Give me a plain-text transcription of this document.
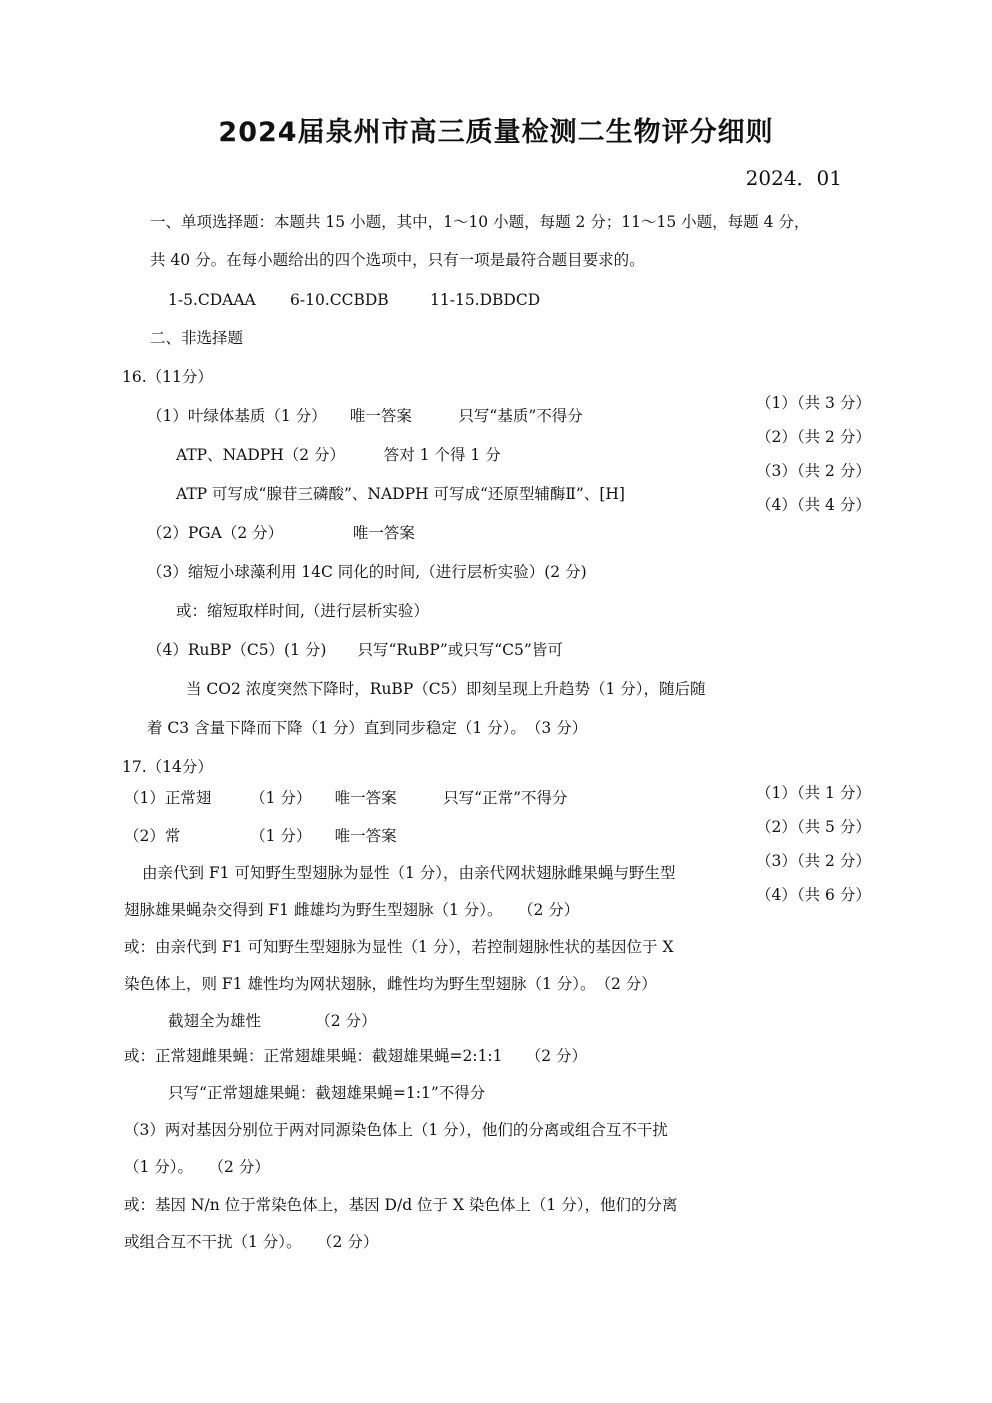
2024届泉州市高三质量检测二生物评分细则
2024．01
一、单项选择题：本题共 15 小题，其中，1～10 小题，每题 2 分；11～15 小题，每题 4 分，
共 40 分。在每小题给出的四个选项中，只有一项是最符合题目要求的。
1-5.CDAAA 6-10.CCBDB	11-15.DBDCD
二、非选择题
16.（11分）
（1）叶绿体基质（1 分）　　唯一答案　　　只写“基质”不得分
ATP、NADPH（2 分）　　　答对 1 个得 1 分
ATP 可写成“腺苷三磷酸”、NADPH 可写成“还原型辅酶Ⅱ”、[H]
（2）PGA（2 分）　　　　　唯一答案
（3）缩短小球藻利用 14C 同化的时间,（进行层析实验）(2 分)
或：缩短取样时间,（进行层析实验）
（4）RuBP（C5）(1 分)　　只写“RuBP”或只写“C5”皆可
当 CO2 浓度突然下降时，RuBP（C5）即刻呈现上升趋势（1 分），随后随
着 C3 含量下降而下降（1 分）直到同步稳定（1 分）。　（3 分）
（1）（共 3 分）
（2）（共 2 分）
（3）（共 2 分）
（4）（共 4 分）
17.（14分）
（1）正常翅　　　（1 分）　　唯一答案　　　只写“正常”不得分
（2）常　　　　　（1 分）　　唯一答案
由亲代到 F1 可知野生型翅脉为显性（1 分），由亲代网状翅脉雌果蝇与野生型
翅脉雄果蝇杂交得到 F1 雌雄均为野生型翅脉（1 分）。　　（2 分）
或：由亲代到 F1 可知野生型翅脉为显性（1 分），若控制翅脉性状的基因位于 X
染色体上，则 F1 雄性均为网状翅脉，雌性均为野生型翅脉（1 分）。　（2 分）
截翅全为雄性　　　　（2 分）
或：正常翅雌果蝇：正常翅雄果蝇：截翅雄果蝇=2:1:1　　（2 分）
只写“正常翅雄果蝇：截翅雄果蝇=1:1”不得分
（3）两对基因分别位于两对同源染色体上（1 分），他们的分离或组合互不干扰
（1 分）。　　（2 分）
或：基因 N/n 位于常染色体上，基因 D/d 位于 X 染色体上（1 分），他们的分离
或组合互不干扰（1 分）。　　（2 分）
（1）（共 1 分）
（2）（共 5 分）
（3）（共 2 分）
（4）（共 6 分）
